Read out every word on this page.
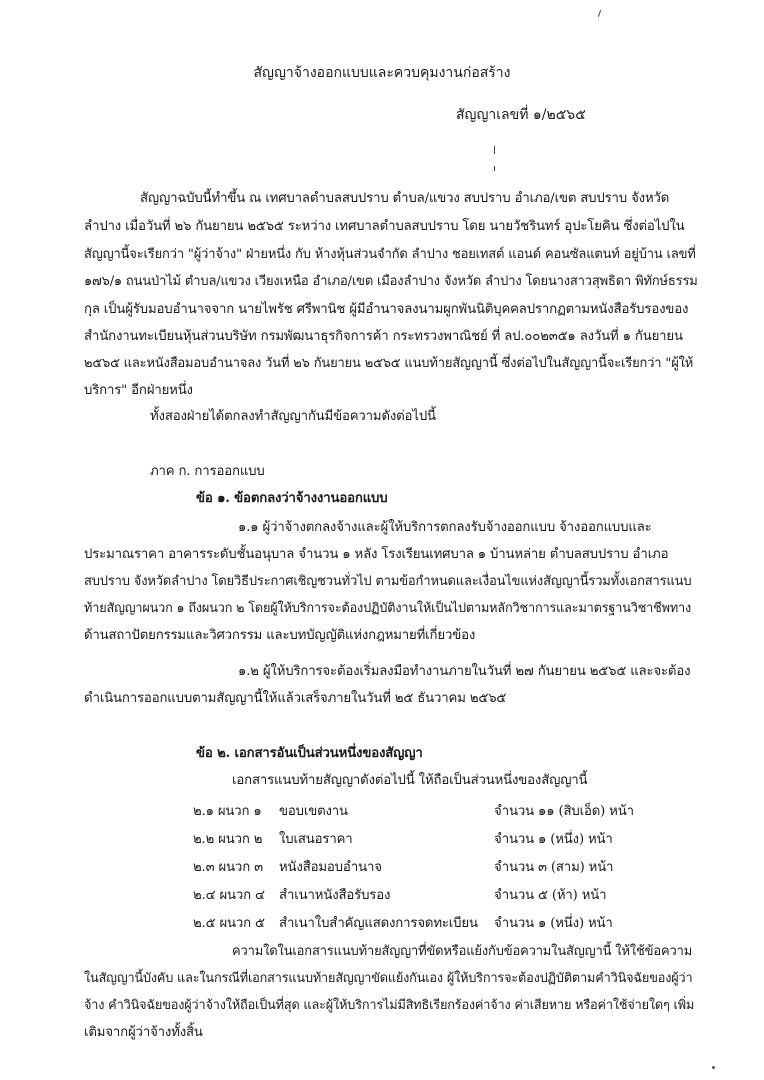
สัญญาจ้างออกแบบและควบคุมงานก่อสร้าง
สัญญาเลขที่ ๑/๒๕๖๕
สัญญาฉบับนี้ทำขึ้น ณ เทศบาลตำบลสบปราบ ตำบล/แขวง สบปราบ อำเภอ/เขต สบปราบ จังหวัด
ลำปาง เมื่อวันที่ ๒๖ กันยายน ๒๕๖๕ ระหว่าง เทศบาลตำบลสบปราบ โดย นายวัชรินทร์ อุปะโยคิน ซึ่งต่อไปใน
สัญญานี้จะเรียกว่า "ผู้ว่าจ้าง" ฝ่ายหนึ่ง กับ ห้างหุ้นส่วนจำกัด ลำปาง ชอยเทสต์ แอนด์ คอนซัลแตนท์ อยู่บ้าน เลขที่
๑๗๖/๑ ถนนป่าไม้ ตำบล/แขวง เวียงเหนือ อำเภอ/เขต เมืองลำปาง จังหวัด ลำปาง โดยนางสาวสุพธิดา พิทักษ์ธรรม
กุล เป็นผู้รับมอบอำนาจจาก นายไพรัช ศรีพานิช ผู้มีอำนาจลงนามผูกพันนิติบุคคลปรากฏตามหนังสือรับรองของ
สำนักงานทะเบียนหุ้นส่วนบริษัท กรมพัฒนาธุรกิจการค้า กระทรวงพาณิชย์ ที่ ลป.๐๐๒๓๕๑ ลงวันที่ ๑ กันยายน
๒๕๖๕ และหนังสือมอบอำนาจลง วันที่ ๒๖ กันยายน ๒๕๖๕ แนบท้ายสัญญานี้ ซึ่งต่อไปในสัญญานี้จะเรียกว่า "ผู้ให้
บริการ" อีกฝ่ายหนึ่ง
ทั้งสองฝ่ายได้ตกลงทำสัญญากันมีข้อความดังต่อไปนี้
ภาค ก. การออกแบบ
ข้อ ๑. ข้อตกลงว่าจ้างงานออกแบบ
๑.๑ ผู้ว่าจ้างตกลงจ้างและผู้ให้บริการตกลงรับจ้างออกแบบ จ้างออกแบบและ
ประมาณราคา อาคารระดับชั้นอนุบาล จำนวน ๑ หลัง โรงเรียนเทศบาล ๑ บ้านหล่าย ตำบลสบปราบ อำเภอ
สบปราบ จังหวัดลำปาง โดยวิธีประกาศเชิญชวนทั่วไป ตามข้อกำหนดและเงื่อนไขแห่งสัญญานี้รวมทั้งเอกสารแนบ
ท้ายสัญญาผนวก ๑ ถึงผนวก ๒ โดยผู้ให้บริการจะต้องปฏิบัติงานให้เป็นไปตามหลักวิชาการและมาตรฐานวิชาชีพทาง
ด้านสถาปัตยกรรมและวิศวกรรม และบทบัญญัติแห่งกฎหมายที่เกี่ยวข้อง
๑.๒ ผู้ให้บริการจะต้องเริ่มลงมือทำงานภายในวันที่ ๒๗ กันยายน ๒๕๖๕ และจะต้อง
ดำเนินการออกแบบตามสัญญานี้ให้แล้วเสร็จภายในวันที่ ๒๕ ธันวาคม ๒๕๖๕
ข้อ ๒. เอกสารอันเป็นส่วนหนึ่งของสัญญา
เอกสารแนบท้ายสัญญาดังต่อไปนี้ ให้ถือเป็นส่วนหนึ่งของสัญญานี้
๒.๑ ผนวก ๑ ขอบเขตงาน	จำนวน ๑๑ (สิบเอ็ด) หน้า
๒.๒ ผนวก ๒ ใบเสนอราคา	จำนวน ๑ (หนึ่ง) หน้า
๒.๓ ผนวก ๓ หนังสือมอบอำนาจ	จำนวน ๓ (สาม) หน้า
๒.๔ ผนวก ๔ สำเนาหนังสือรับรอง	จำนวน ๕ (ห้า) หน้า
๒.๕ ผนวก ๕ สำเนาใบสำคัญแสดงการจดทะเบียน จำนวน ๑ (หนึ่ง) หน้า
ความใดในเอกสารแนบท้ายสัญญาที่ขัดหรือแย้งกับข้อความในสัญญานี้ ให้ใช้ข้อความ
ในสัญญานี้บังคับ และในกรณีที่เอกสารแนบท้ายสัญญาขัดแย้งกันเอง ผู้ให้บริการจะต้องปฏิบัติตามคำวินิจฉัยของผู้ว่า
จ้าง คำวินิจฉัยของผู้ว่าจ้างให้ถือเป็นที่สุด และผู้ให้บริการไม่มีสิทธิเรียกร้องค่าจ้าง ค่าเสียหาย หรือค่าใช้จ่ายใดๆ เพิ่ม
เติมจากผู้ว่าจ้างทั้งสิ้น
